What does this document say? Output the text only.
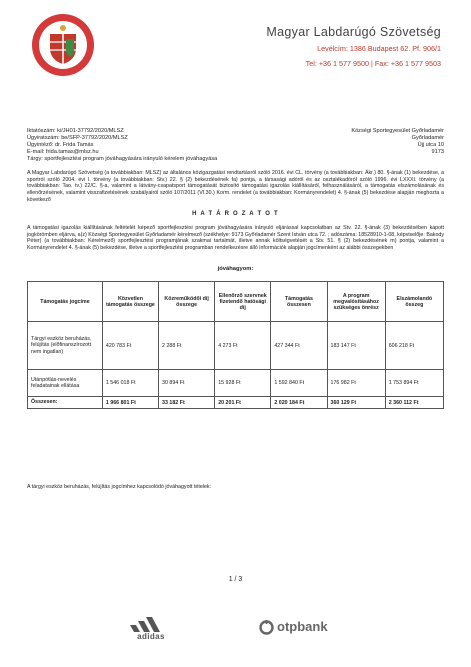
Magyar Labdarúgó Szövetség
Levélcím: 1386 Budapest 62. Pf. 906/1
Tel: +36 1 577 9500 | Fax: +36 1 577 9503
Iktatószám: ki/JH01-37792/2020/MLSZ
Ügyiratszám: be/SFP-37792/2020/MLSZ
Ügyintéző: dr. Frida Tamás
E-mail: frida.tamas@mlsz.hu
Tárgy: sportfejlesztési program jóváhagyására irányuló kérelem jóváhagyása
Községi Sportegyesület Győrladamér
Győrladamér
Újj utca 10
9173
A Magyar Labdarúgó Szövetség (a továbbiakban: MLSZ) az általános közigazgatási rendtartásról szóló 2016. évi CL. törvény (a továbbiakban: Ákr.) 80. §-ának (1) bekezdése, a sportról szóló 2004. évi I. törvény (a továbbiakban: Stv.) 22. § (2) bekezdésének fa) pontja, a társasági adóról és az osztalékadóról szóló 1996. évi LXXXI. törvény (a továbbiakban: Tao. tv.) 22/C. §-a, valamint a látvány-csapatsport támogatását biztosító támogatási igazolás kiállításáról, felhasználásáról, a támogatás elszámolásának és ellenőrzésének, valamint visszafizetésének szabályairól szóló 107/2011 (VI.30.) Korm. rendelet (a továbbiakban: Kormányrendelet) 4. §-ának (5) bekezdése alapján meghozta a következő
H A T Á R O Z A T O T
A támogatási igazolás kiállításának feltételét képező sportfejlesztési program jóváhagyására irányuló eljárással kapcsolatban az Stv. 22. §-ának (3) bekezdésében kapott jogkörömben eljárva, a(z) Községi Sportegyesület Győrladamér kérelmező (székhelye: 9173 Győrladamér Szent István utca 72. ; adószáma: 18528910-1-08, képviselője: Bakody Péter) (a továbbiakban: Kérelmező) sportfejlesztési programjának szakmai tartalmát, illetve annak költségvetését a Stv. 51. § (2) bekezdésének m) pontja, valamint a Kormányrendelet 4. §-ának (5) bekezdése, illetve a sportfejlesztési programban rendelkezésre álló információk alapján jogcímenként az alábbi összegekben
jóváhagyom:
Támogatás jogcíme	Közvetlen támogatás összege	Közreműködői díj összege	Ellenőrző szervnek fizetendő hatósági díj	Támogatás összesen	A program megvalósításához szükséges önrész	Elszámolandó összeg
Tárgyi eszköz beruházás, felújítás (előfinanszírozott nem ingatlan)	420 783 Ft	2 288 Ft	4 273 Ft	427 344 Ft	183 147 Ft	606 218 Ft
Utánpótlás-nevelés feladatainak ellátása	1 546 018 Ft	30 894 Ft	15 928 Ft	1 592 840 Ft	176 982 Ft	1 753 894 Ft
Összesen:	1 966 801 Ft	33 182 Ft	20 201 Ft	2 020 184 Ft	360 129 Ft	2 360 112 Ft
A tárgyi eszköz beruházás, felújítás jogcímhez kapcsolódó jóváhagyott tételek:
1 / 3
adidas
otpbank
